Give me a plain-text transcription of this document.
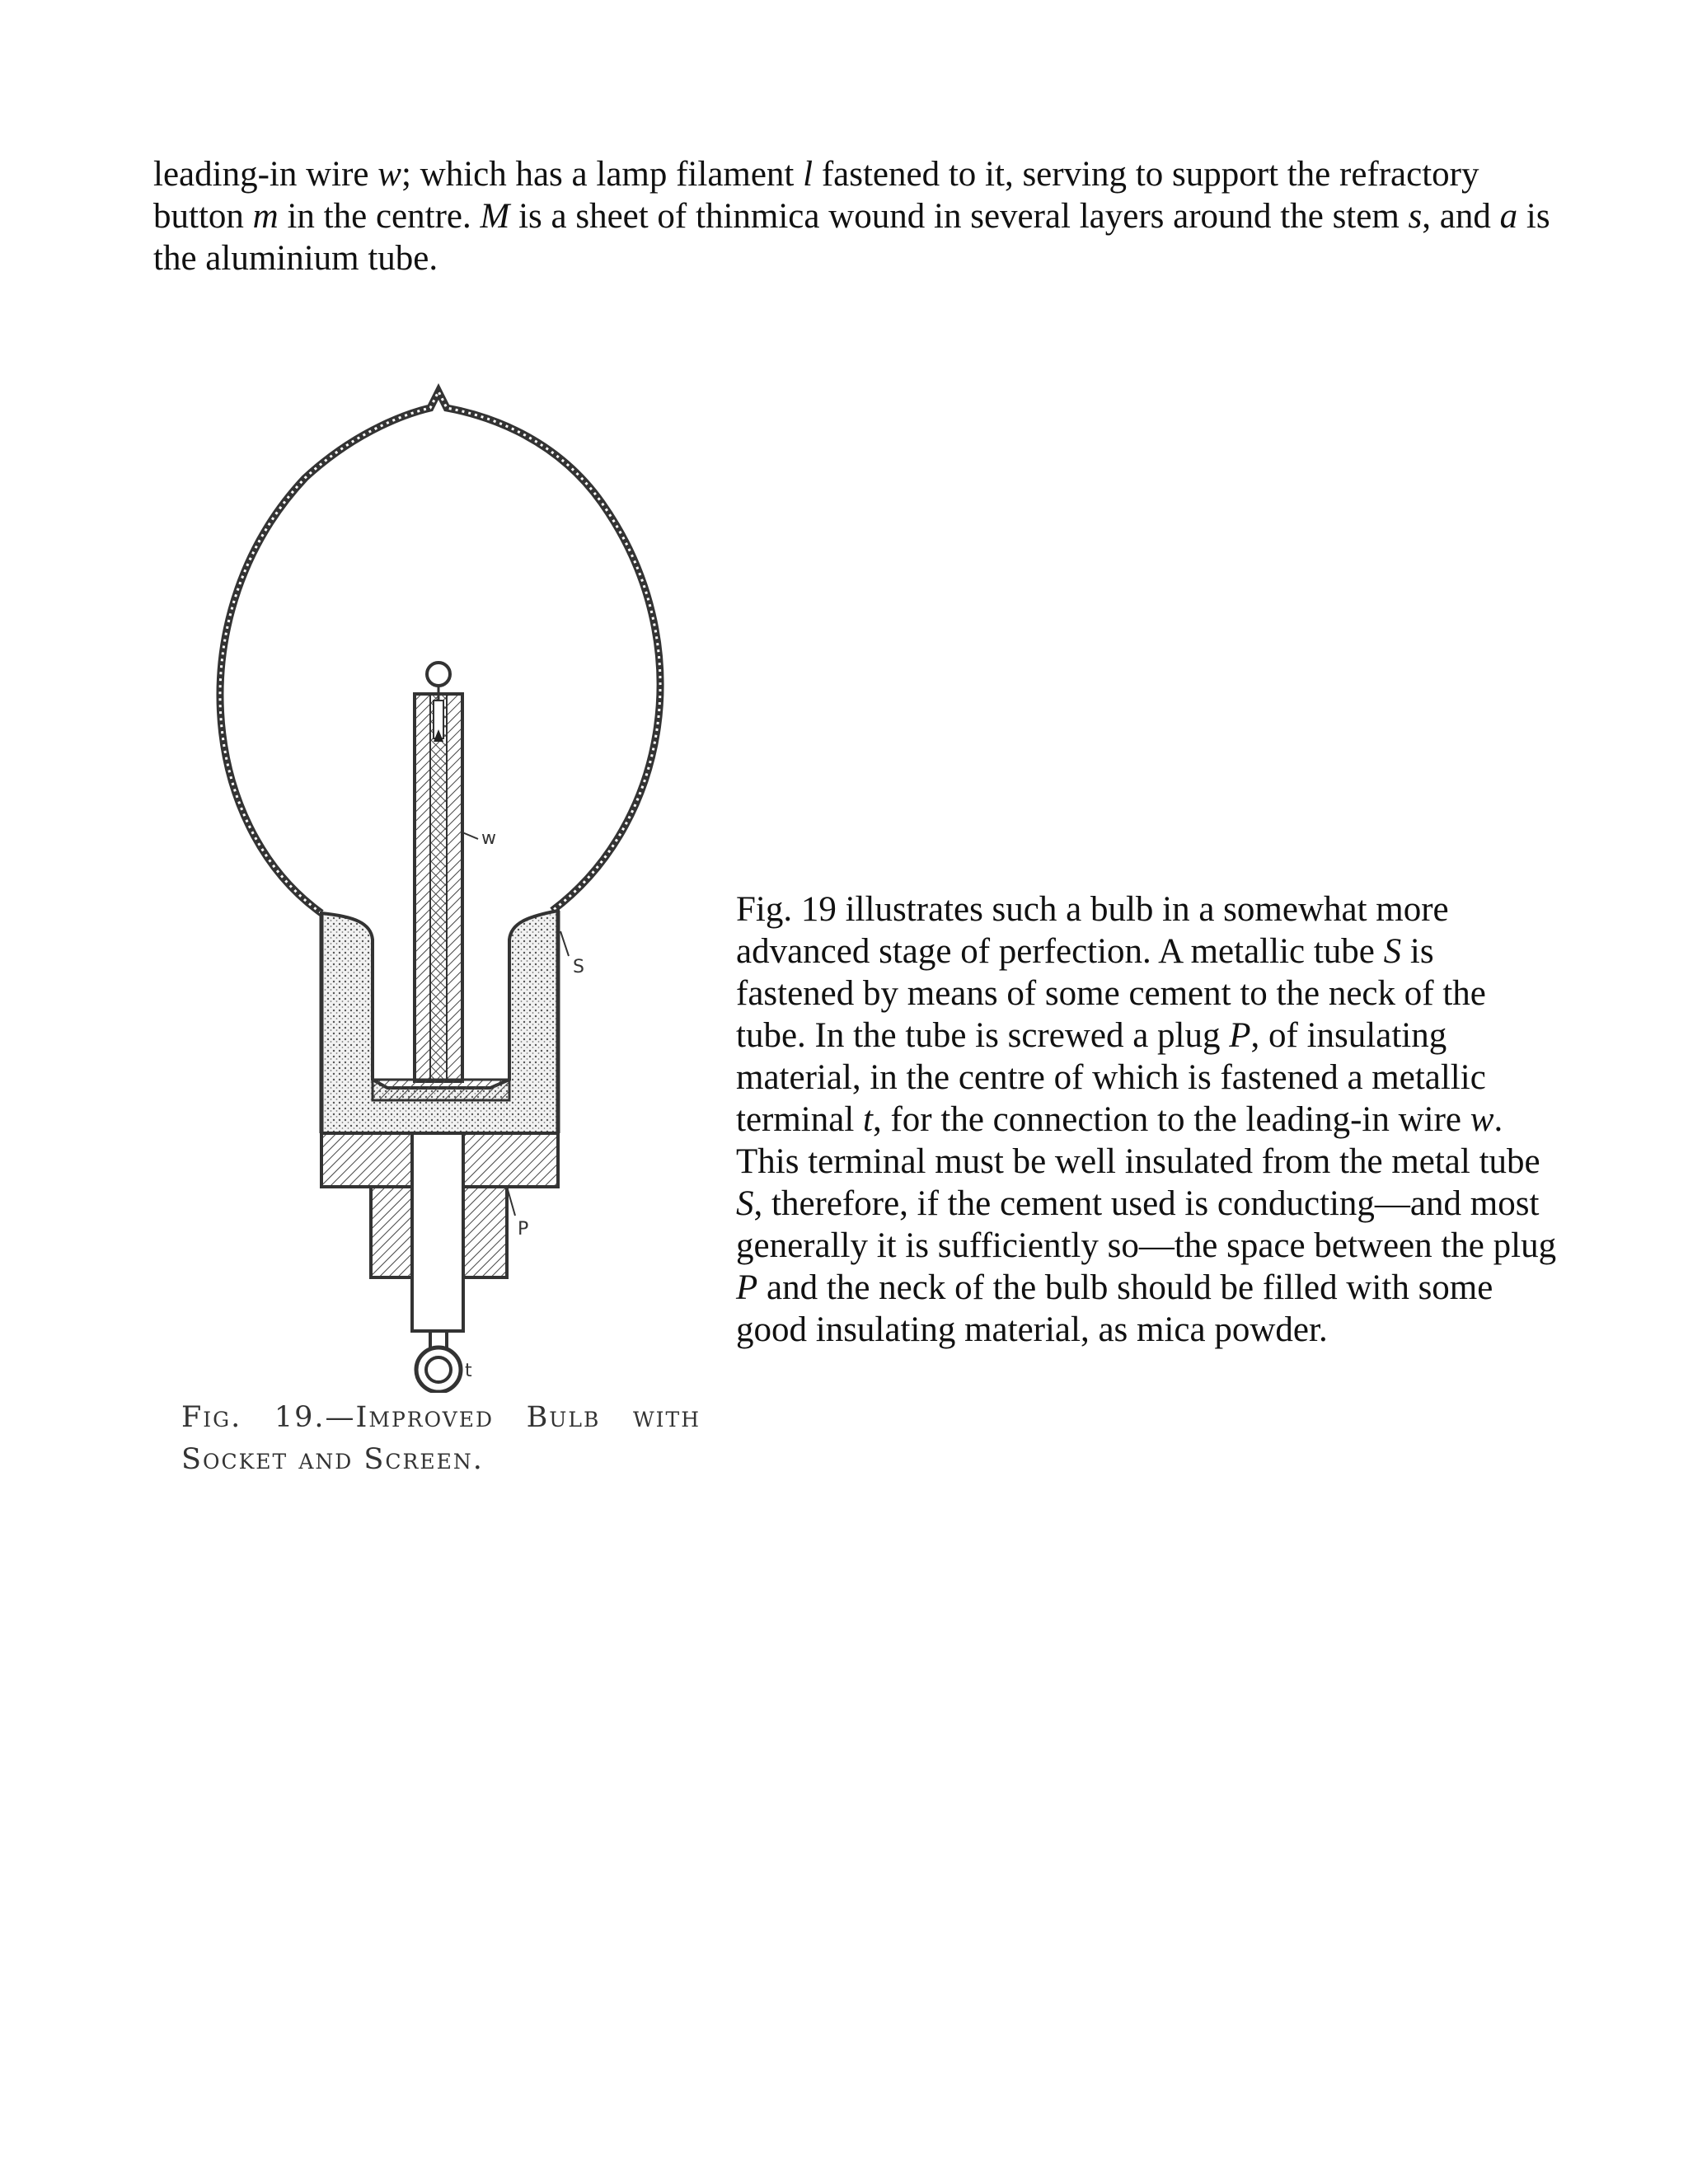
leading-in wire w; which has a lamp filament l fastened to it, serving to support the refractory button m in the centre. M is a sheet of thinmica wound in several layers around the stem s, and a is the aluminium tube.
w
S
P
t
Fig. 19.—Improved Bulb with Socket and Screen.
Fig. 19 illustrates such a bulb in a somewhat more advanced stage of perfection. A metallic tube S is fastened by means of some cement to the neck of the tube. In the tube is screwed a plug P, of insulating material, in the centre of which is fastened a metallic terminal t, for the connection to the leading-in wire w. This terminal must be well insulated from the metal tube S, therefore, if the cement used is conducting—and most generally it is sufficiently so—the space between the plug P and the neck of the bulb should be filled with some good insulating material, as mica powder.
